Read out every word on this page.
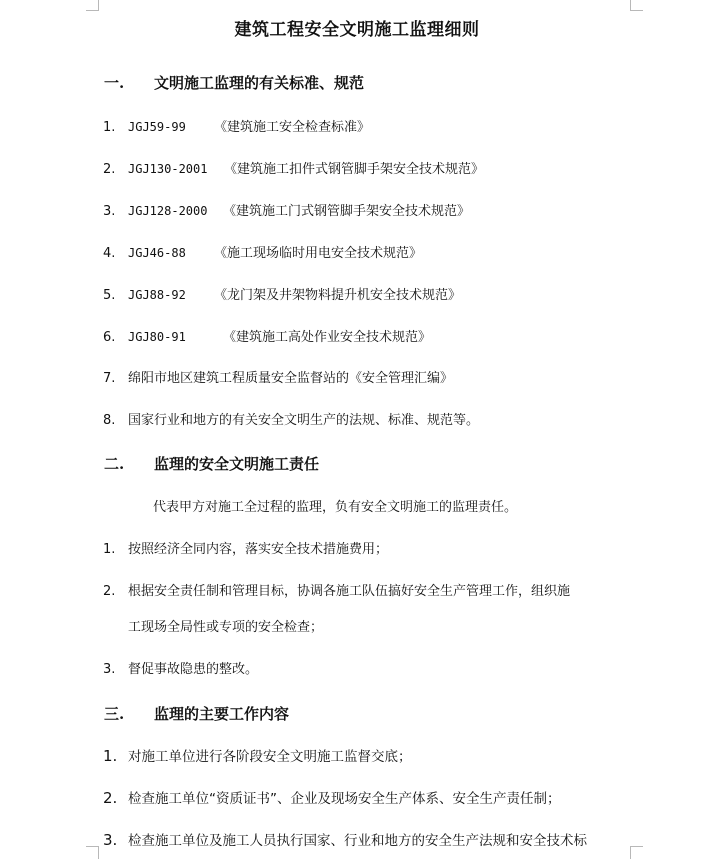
建筑工程安全文明施工监理细则
一. 文明施工监理的有关标准、规范
1. JGJ59-99 《建筑施工安全检查标准》
2. JGJ130-2001 《建筑施工扣件式钢管脚手架安全技术规范》
3. JGJ128-2000 《建筑施工门式钢管脚手架安全技术规范》
4. JGJ46-88 《施工现场临时用电安全技术规范》
5. JGJ88-92 《龙门架及井架物料提升机安全技术规范》
6. JGJ80-91	《建筑施工高处作业安全技术规范》
7. 绵阳市地区建筑工程质量安全监督站的《安全管理汇编》
8. 国家行业和地方的有关安全文明生产的法规、标准、规范等。
二. 监理的安全文明施工责任
代表甲方对施工全过程的监理，负有安全文明施工的监理责任。
1. 按照经济全同内容，落实安全技术措施费用；
2. 根据安全责任制和管理目标，协调各施工队伍搞好安全生产管理工作，组织施
工现场全局性或专项的安全检查；
3. 督促事故隐患的整改。
三. 监理的主要工作内容
1. 对施工单位进行各阶段安全文明施工监督交底；
2. 检查施工单位“资质证书”、企业及现场安全生产体系、安全生产责任制；
3. 检查施工单位及施工人员执行国家、行业和地方的安全生产法规和安全技术标
